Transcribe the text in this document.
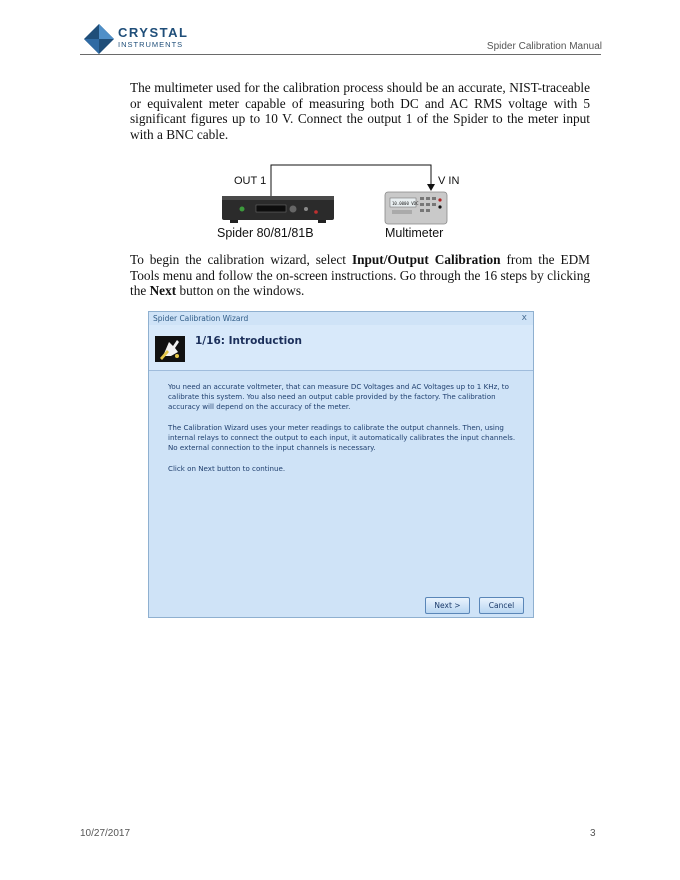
CRYSTAL
INSTRUMENTS	Spider Calibration Manual
The multimeter used for the calibration process should be an accurate, NIST-traceable or equivalent meter capable of measuring both DC and AC RMS voltage with 5 significant figures up to 10 V. Connect the output 1 of the Spider to the meter input with a BNC cable.
10.0000 VDC
OUT 1	V IN
Spider 80/81/81B	Multimeter
To begin the calibration wizard, select Input/Output Calibration from the EDM Tools menu and follow the on-screen instructions. Go through the 16 steps by clicking the Next button on the windows.
Spider Calibration Wizard	x
1/16: Introduction
You need an accurate voltmeter, that can measure DC Voltages and AC Voltages up to 1 KHz, to calibrate this system. You also need an output cable provided by the factory. The calibration accuracy will depend on the accuracy of the meter.
The Calibration Wizard uses your meter readings to calibrate the output channels. Then, using internal relays to connect the output to each input, it automatically calibrates the input channels. No external connection to the input channels is necessary.
Click on Next button to continue.
Next >	Cancel
10/27/2017	3
